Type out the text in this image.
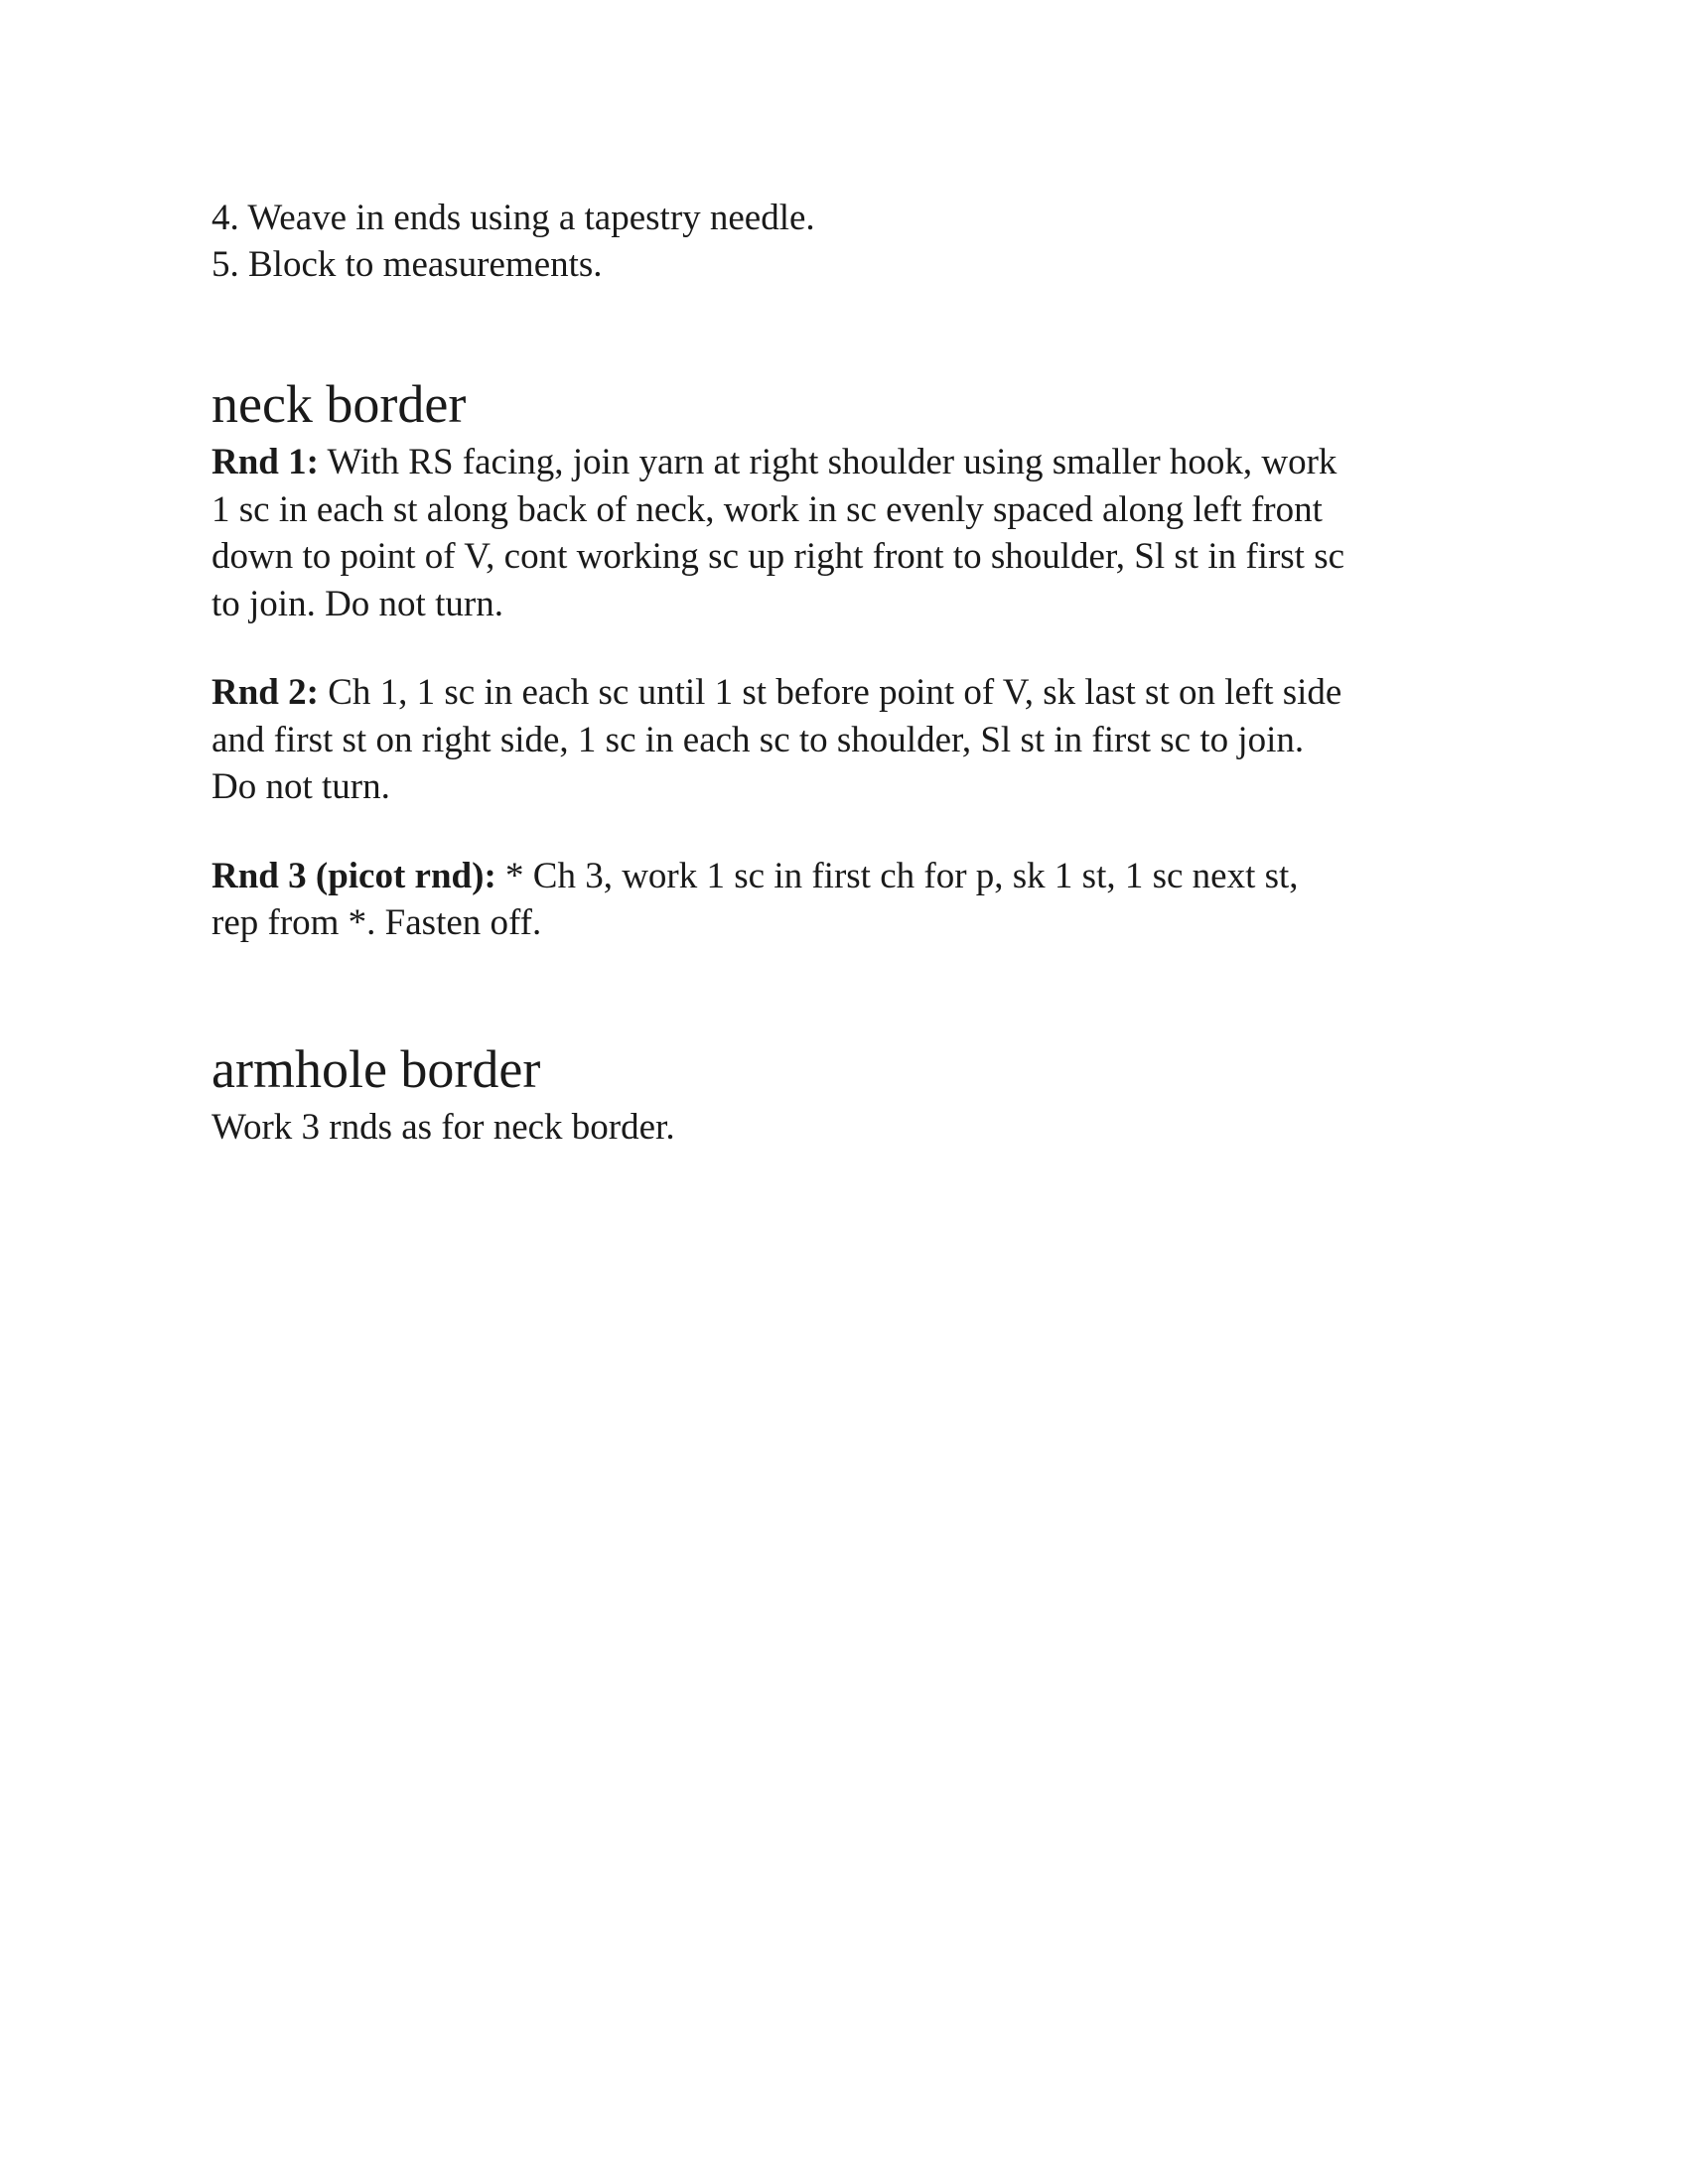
4. Weave in ends using a tapestry needle.
5. Block to measurements.
neck border

Rnd 1: With RS facing, join yarn at right shoulder using smaller hook, work
1 sc in each st along back of neck, work in sc evenly spaced along left front
down to point of V, cont working sc up right front to shoulder, Sl st in first sc
to join. Do not turn.

Rnd 2: Ch 1, 1 sc in each sc until 1 st before point of V, sk last st on left side
and first st on right side, 1 sc in each sc to shoulder, Sl st in first sc to join.
Do not turn.

Rnd 3 (picot rnd): * Ch 3, work 1 sc in first ch for p, sk 1 st, 1 sc next st,
rep from *. Fasten off.

armhole border

Work 3 rnds as for neck border.
